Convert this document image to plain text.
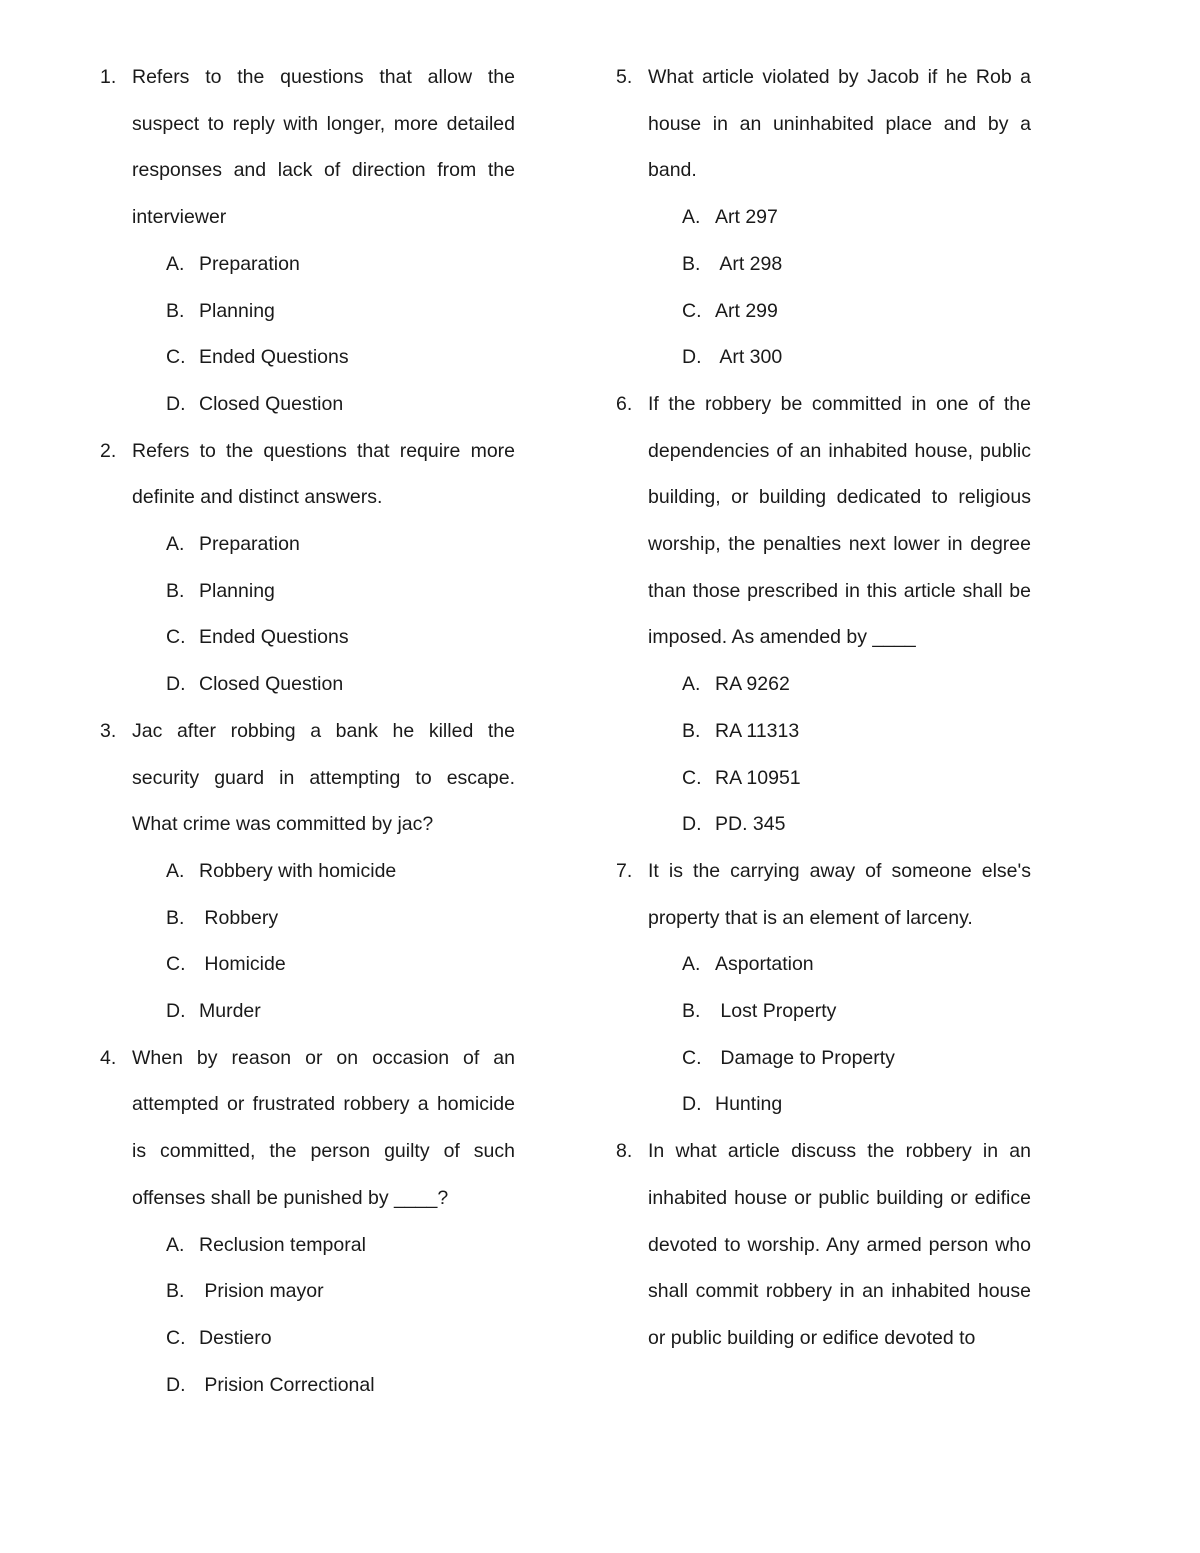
1. Refers to the questions that allow the suspect to reply with longer, more detailed responses and lack of direction from the interviewer

A. Preparation
B. Planning
C. Ended Questions
D. Closed Question
2. Refers to the questions that require more definite and distinct answers.

A. Preparation
B. Planning
C. Ended Questions
D. Closed Question
3. Jac after robbing a bank he killed the security guard in attempting to escape. What crime was committed by jac?

A. Robbery with homicide
B. Robbery
C. Homicide
D. Murder
4. When by reason or on occasion of an attempted or frustrated robbery a homicide is committed, the person guilty of such offenses shall be punished by ____?

A. Reclusion temporal
B. Prision mayor
C. Destiero
D. Prision Correctional
5. What article violated by Jacob if he Rob a house in an uninhabited place and by a band.

A. Art 297
B. Art 298
C. Art 299
D. Art 300
6. If the robbery be committed in one of the dependencies of an inhabited house, public building, or building dedicated to religious worship, the penalties next lower in degree than those prescribed in this article shall be imposed. As amended by ____

A. RA 9262
B. RA 11313
C. RA 10951
D. PD. 345
7. It is the carrying away of someone else's property that is an element of larceny.

A. Asportation
B. Lost Property
C. Damage to Property
D. Hunting
8. In what article discuss the robbery in an inhabited house or public building or edifice devoted to worship. Any armed person who shall commit robbery in an inhabited house or public building or edifice devoted to
